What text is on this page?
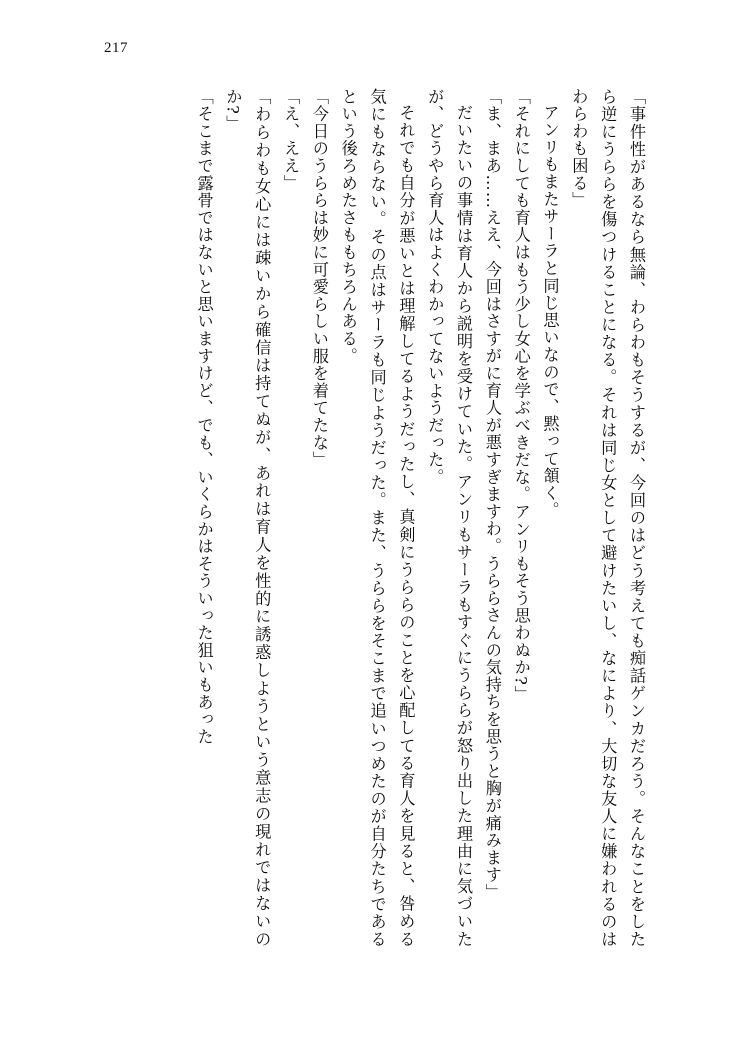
217

「事件性があるなら無論、わらわもそうするが、今回のはどう考えても痴話ゲンカだろう。そんなことをしたら逆にうららを傷つけることになる。それは同じ女として避けたいし、なにより、大切な友人に嫌われるのはわらわも困る」

アンリもまたサーラと同じ思いなので、黙って頷く。

「それにしても育人はもう少し女心を学ぶべきだな。アンリもそう思わぬか?」

「ま、まあ……ええ、今回はさすがに育人が悪すぎますわ。うららさんの気持ちを思うと胸が痛みます」

だいたいの事情は育人から説明を受けていた。アンリもサーラもすぐにうららが怒り出した理由に気づいたが、どうやら育人はよくわかってないようだった。

それでも自分が悪いとは理解してるようだったし、真剣にうららのことを心配してる育人を見ると、咎める気にもならない。その点はサーラも同じようだった。また、うららをそこまで追いつめたのが自分たちであるという後ろめたさももちろんある。

「今日のうららは妙に可愛らしい服を着てたな」

「え、ええ」

「わらわも女心には疎いから確信は持てぬが、あれは育人を性的に誘惑しようという意志の現れではないのか?」

「そこまで露骨ではないと思いますけど、でも、いくらかはそういった狙いもあった
